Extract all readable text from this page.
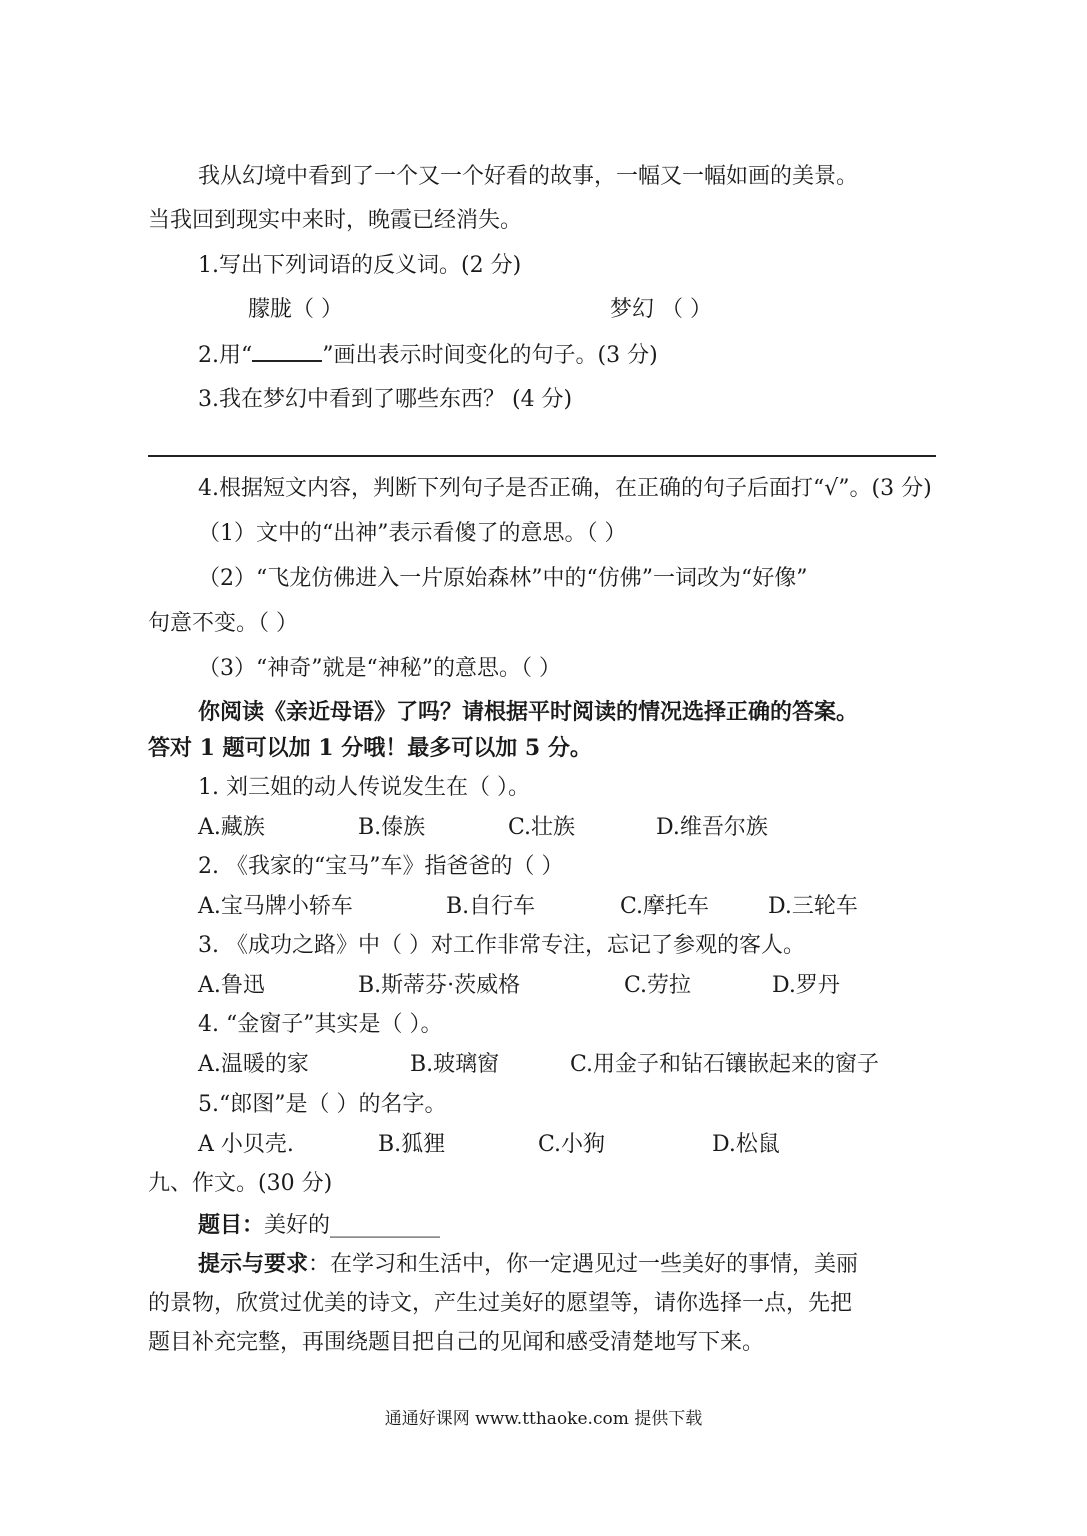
我从幻境中看到了一个又一个好看的故事，一幅又一幅如画的美景。
当我回到现实中来时，晚霞已经消失。
1.写出下列词语的反义词。(2 分)
朦胧（ ）	梦幻 （ ）
2.用“	”画出表示时间变化的句子。(3 分)
3.我在梦幻中看到了哪些东西？ (4 分)
4.根据短文内容，判断下列句子是否正确，在正确的句子后面打“√”。(3 分)
（1）文中的“出神”表示看傻了的意思。（ ）
（2）“飞龙仿佛进入一片原始森林”中的“仿佛”一词改为“好像”
句意不变。（ ）
（3）“神奇”就是“神秘”的意思。（ ）
你阅读《亲近母语》了吗？请根据平时阅读的情况选择正确的答案。
答对 1 题可以加 1 分哦！最多可以加 5 分。
1. 刘三姐的动人传说发生在（ ）。
A.藏族	B.傣族	C.壮族	D.维吾尔族
2. 《我家的“宝马”车》指爸爸的（ ）
A.宝马牌小轿车	B.自行车	C.摩托车	D.三轮车
3. 《成功之路》中（ ）对工作非常专注，忘记了参观的客人。
A.鲁迅	B.斯蒂芬·茨威格	C.劳拉	D.罗丹
4. “金窗子”其实是（ ）。
A.温暖的家	B.玻璃窗	C.用金子和钻石镶嵌起来的窗子
5.“郎图”是（ ）的名字。
A 小贝壳.	B.狐狸	C.小狗	D.松鼠
九、作文。(30 分)
题目：美好的__________
提示与要求：在学习和生活中，你一定遇见过一些美好的事情，美丽
的景物，欣赏过优美的诗文，产生过美好的愿望等，请你选择一点，先把
题目补充完整，再围绕题目把自己的见闻和感受清楚地写下来。
通通好课网 www.tthaoke.com 提供下载
